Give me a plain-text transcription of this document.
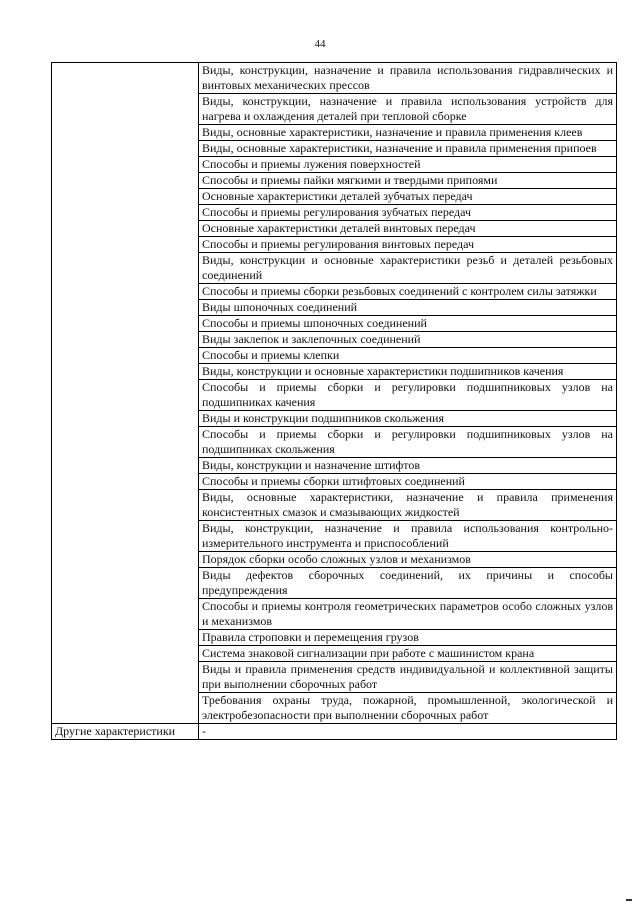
44
	Виды, конструкции, назначение и правила использования гидравлических и винтовых механических прессов
	Виды, конструкции, назначение и правила использования устройств для нагрева и охлаждения деталей при тепловой сборке
	Виды, основные характеристики, назначение и правила применения клеев
	Виды, основные характеристики, назначение и правила применения припоев
	Способы и приемы лужения поверхностей
	Способы и приемы пайки мягкими и твердыми припоями
	Основные характеристики деталей зубчатых передач
	Способы и приемы регулирования зубчатых передач
	Основные характеристики деталей винтовых передач
	Способы и приемы регулирования винтовых передач
	Виды, конструкции и основные характеристики резьб и деталей резьбовых соединений
	Способы и приемы сборки резьбовых соединений с контролем силы затяжки
	Виды шпоночных соединений
	Способы и приемы шпоночных соединений
	Виды заклепок и заклепочных соединений
	Способы и приемы клепки
	Виды, конструкции и основные характеристики подшипников качения
	Способы и приемы сборки и регулировки подшипниковых узлов на подшипниках качения
	Виды и конструкции подшипников скольжения
	Способы и приемы сборки и регулировки подшипниковых узлов на подшипниках скольжения
	Виды, конструкции и назначение штифтов
	Способы и приемы сборки штифтовых соединений
	Виды, основные характеристики, назначение и правила применения консистентных смазок и смазывающих жидкостей
	Виды, конструкции, назначение и правила использования контрольно-измерительного инструмента и приспособлений
	Порядок сборки особо сложных узлов и механизмов
	Виды дефектов сборочных соединений, их причины и способы предупреждения
	Способы и приемы контроля геометрических параметров особо сложных узлов и механизмов
	Правила строповки и перемещения грузов
	Система знаковой сигнализации при работе с машинистом крана
	Виды и правила применения средств индивидуальной и коллективной защиты при выполнении сборочных работ
	Требования охраны труда, пожарной, промышленной, экологической и электробезопасности при выполнении сборочных работ
Другие характеристики	-
